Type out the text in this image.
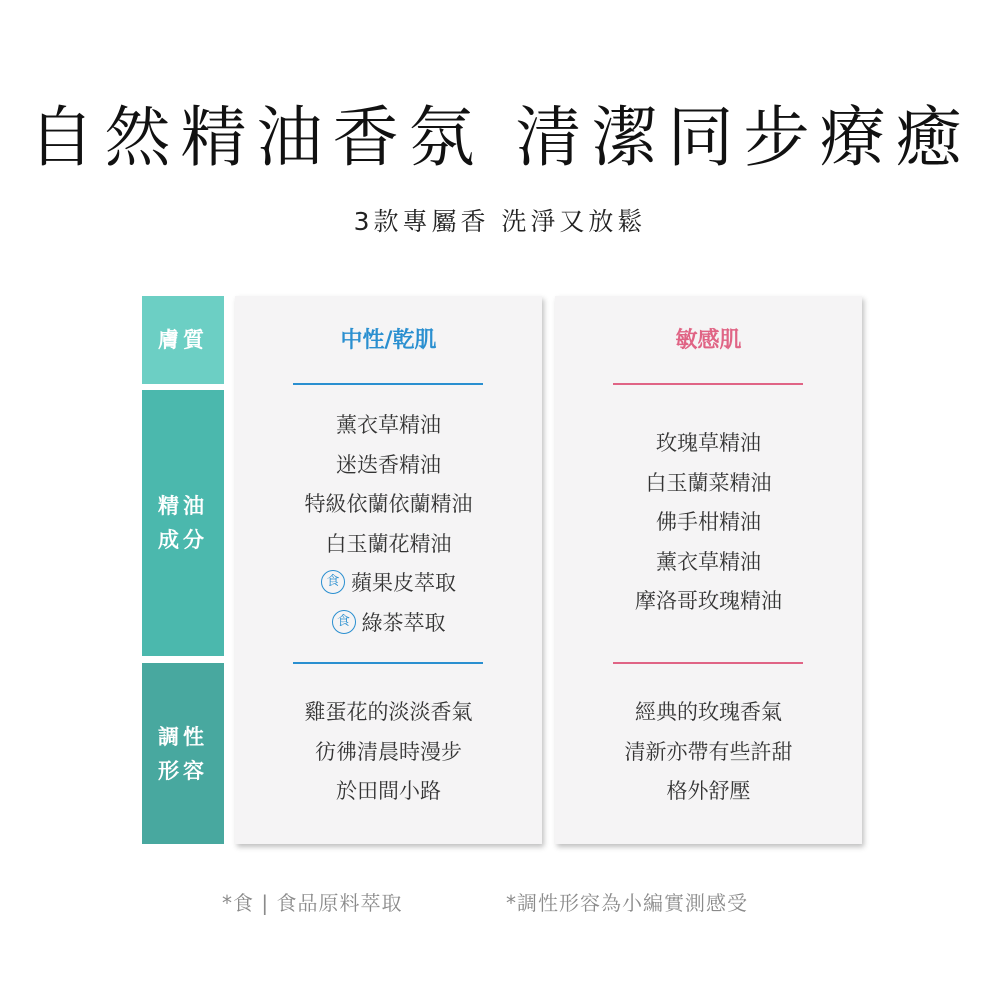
自然精油香氛 清潔同步療癒
3款專屬香 洗淨又放鬆
膚質
精油
成分
調性
形容
中性/乾肌
薰衣草精油
迷迭香精油
特級依蘭依蘭精油
白玉蘭花精油
食 蘋果皮萃取
食 綠茶萃取
雞蛋花的淡淡香氣
彷彿清晨時漫步
於田間小路
敏感肌
玫瑰草精油
白玉蘭菜精油
佛手柑精油
薰衣草精油
摩洛哥玫瑰精油
經典的玫瑰香氣
清新亦帶有些許甜
格外舒壓
*食 | 食品原料萃取	*調性形容為小編實測感受
